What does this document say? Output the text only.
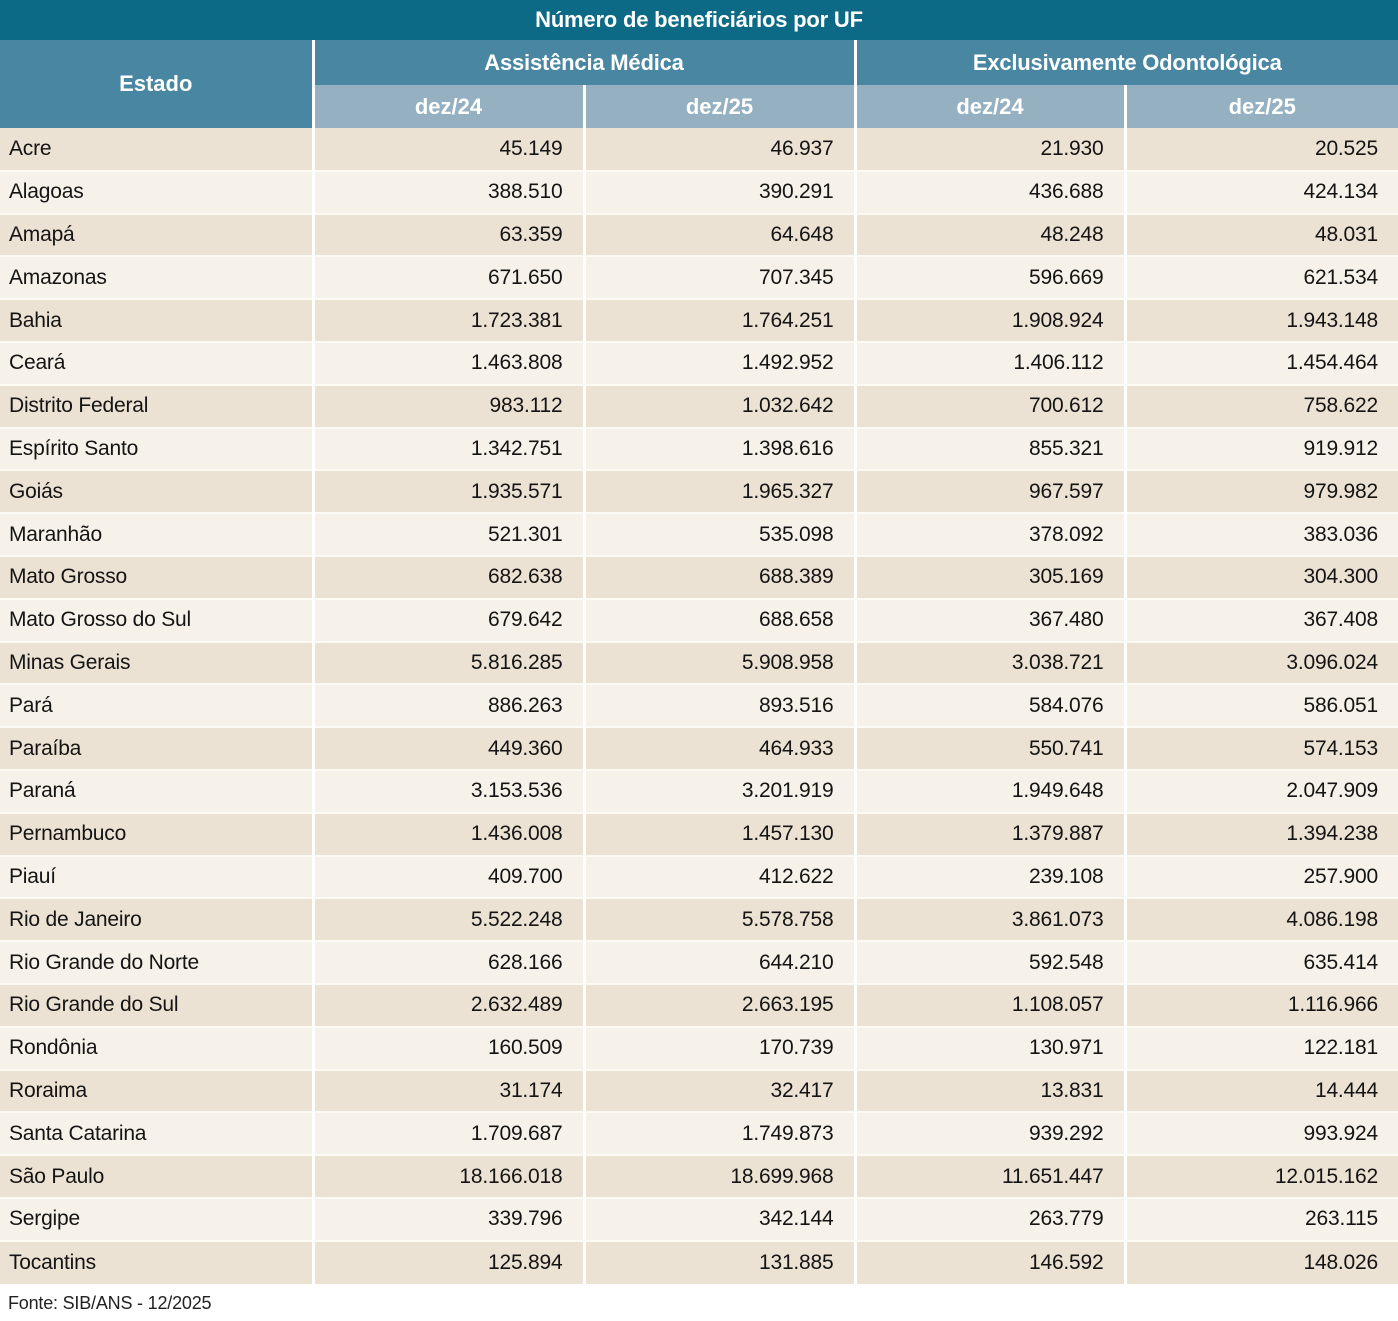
Número de beneficiários por UF				
Estado	Assistência Médica		Exclusivamente Odontológica	
	dez/24	dez/25	dez/24	dez/25
Acre	45.149	46.937	21.930	20.525
Alagoas	388.510	390.291	436.688	424.134
Amapá	63.359	64.648	48.248	48.031
Amazonas	671.650	707.345	596.669	621.534
Bahia	1.723.381	1.764.251	1.908.924	1.943.148
Ceará	1.463.808	1.492.952	1.406.112	1.454.464
Distrito Federal	983.112	1.032.642	700.612	758.622
Espírito Santo	1.342.751	1.398.616	855.321	919.912
Goiás	1.935.571	1.965.327	967.597	979.982
Maranhão	521.301	535.098	378.092	383.036
Mato Grosso	682.638	688.389	305.169	304.300
Mato Grosso do Sul	679.642	688.658	367.480	367.408
Minas Gerais	5.816.285	5.908.958	3.038.721	3.096.024
Pará	886.263	893.516	584.076	586.051
Paraíba	449.360	464.933	550.741	574.153
Paraná	3.153.536	3.201.919	1.949.648	2.047.909
Pernambuco	1.436.008	1.457.130	1.379.887	1.394.238
Piauí	409.700	412.622	239.108	257.900
Rio de Janeiro	5.522.248	5.578.758	3.861.073	4.086.198
Rio Grande do Norte	628.166	644.210	592.548	635.414
Rio Grande do Sul	2.632.489	2.663.195	1.108.057	1.116.966
Rondônia	160.509	170.739	130.971	122.181
Roraima	31.174	32.417	13.831	14.444
Santa Catarina	1.709.687	1.749.873	939.292	993.924
São Paulo	18.166.018	18.699.968	11.651.447	12.015.162
Sergipe	339.796	342.144	263.779	263.115
Tocantins	125.894	131.885	146.592	148.026
Fonte: SIB/ANS - 12/2025
